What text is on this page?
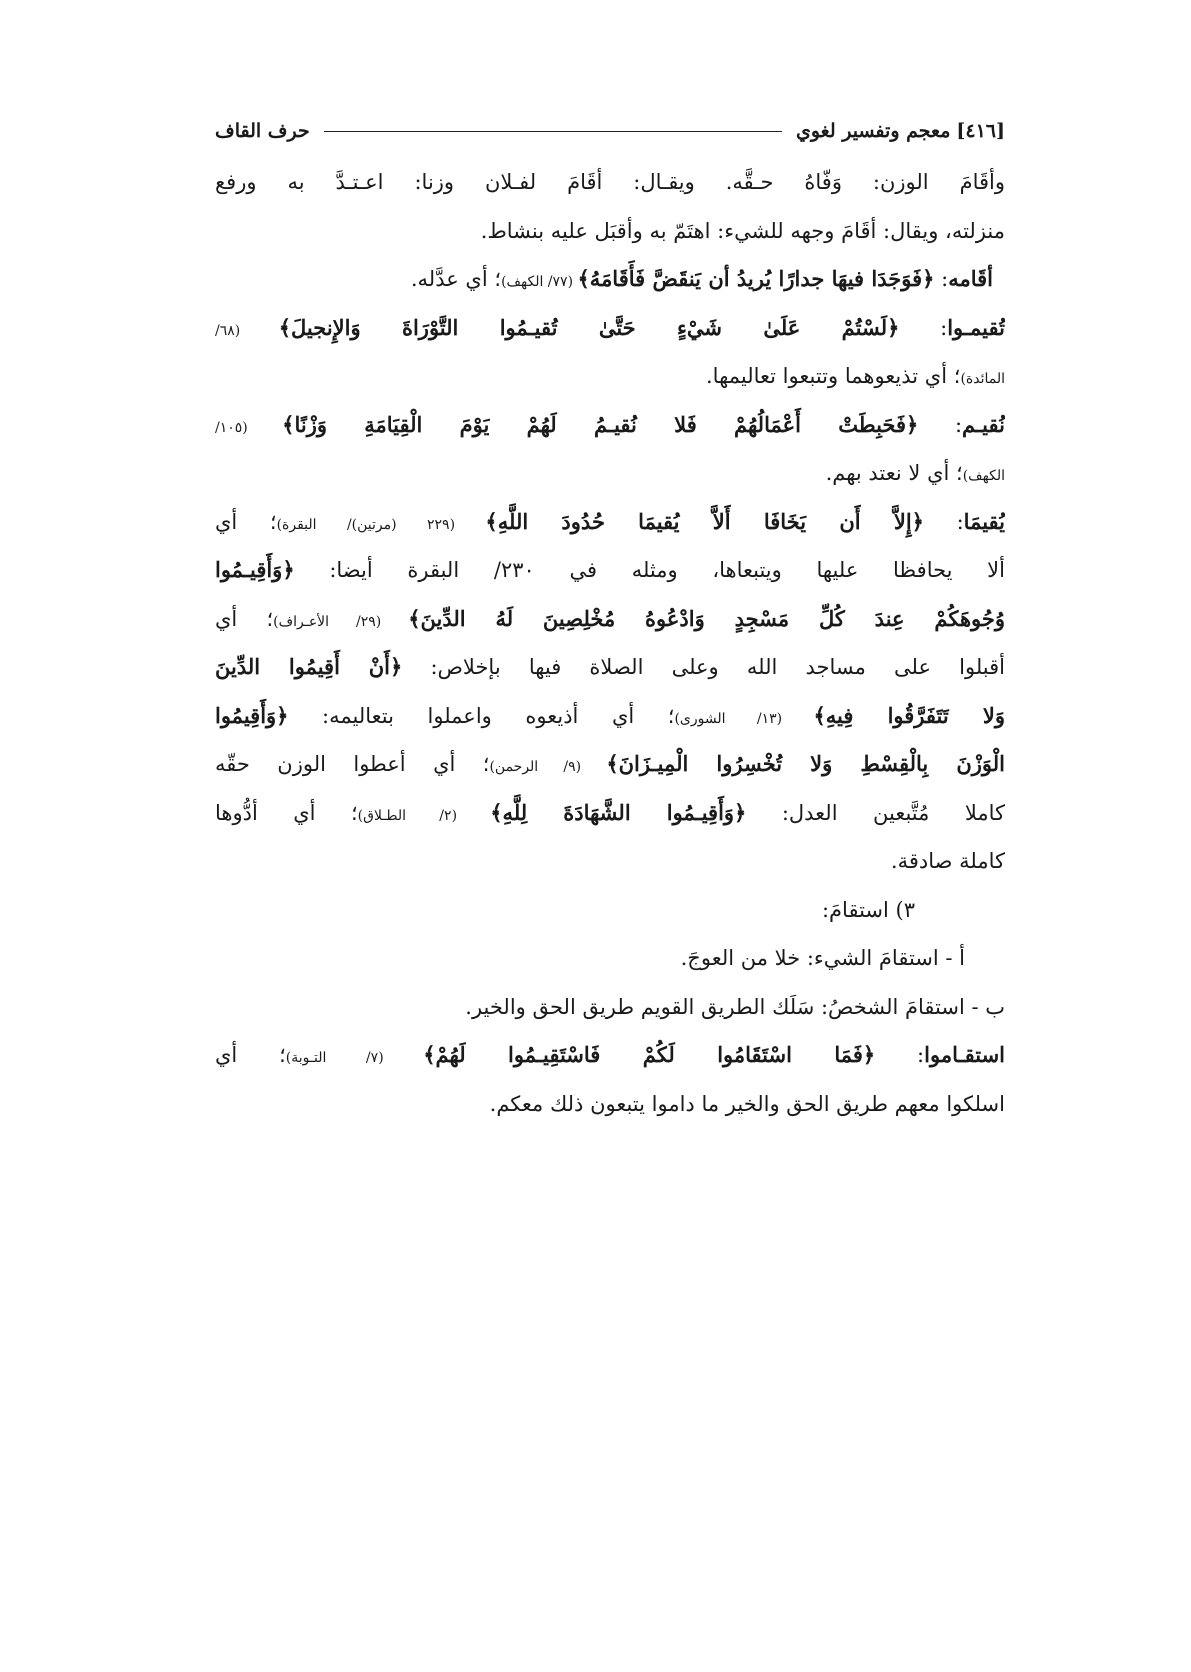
[٤١٦]
معجم وتفسير لغوي
حرف القاف
وأقَامَ الوزن: وَفّاهُ حـقَّه. ويقـال: أقَامَ لفـلان وزنا: اعـتـدَّ به ورفع
منزلته، ويقال: أقَامَ وجهه للشيء: اهتَمّ به وأقبَل عليه بنشاط.
أقَامه: ﴿فَوَجَدَا فيهَا جدارًا يُريدُ أن يَنقَضَّ فَأَقَامَهُ﴾ (٧٧/ الكهف)؛ أي عدَّله.
تُقيمـوا: ﴿لَسْتُمْ عَلَىٰ شَيْءٍ حَتَّىٰ تُقيـمُوا التَّوْرَاةَ وَالإِنجيلَ﴾ (٦٨/
المائدة)؛ أي تذيعوهما وتتبعوا تعاليمها.
نُقيـم: ﴿فَحَبِطَتْ أَعْمَالُهُمْ فَلا نُقيـمُ لَهُمْ يَوْمَ الْقِيَامَةِ وَزْنًا﴾ (١٠٥/
الكهف)؛ أي لا نعتد بهم.
يُقيمَا: ﴿إِلاَّ أَن يَخَافَا أَلاَّ يُقيمَا حُدُودَ اللَّهِ﴾ (٢٢٩ (مرتين)/ البقرة)؛ أي
ألا يحافظا عليها ويتبعاها، ومثله في ٢٣٠/ البقرة أيضا: ﴿وَأَقِيـمُوا
وُجُوهَكُمْ عِندَ كُلِّ مَسْجِدٍ وَادْعُوهُ مُخْلِصِينَ لَهُ الدِّينَ﴾ (٢٩/ الأعـراف)؛ أي
أقبلوا على مساجد الله وعلى الصلاة فيها بإخلاص: ﴿أَنْ أَقِيمُوا الدِّينَ
وَلا تَتَفَرَّقُوا فِيهِ﴾ (١٣/ الشورى)؛ أي أذيعوه واعملوا بتعاليمه: ﴿وَأَقِيمُوا
الْوَزْنَ بِالْقِسْطِ وَلا تُخْسِرُوا الْمِيـزَانَ﴾ (٩/ الرحمن)؛ أي أعطوا الوزن حقّه
كاملا مُتَّبعين العدل: ﴿وَأَقِيـمُوا الشَّهَادَةَ لِلَّهِ﴾ (٢/ الطـلاق)؛ أي أدُّوها
كاملة صادقة.
٣) استقامَ:
أ - استقامَ الشيء: خلا من العوجَ.
ب - استقامَ الشخصُ: سَلَك الطريق القويم طريق الحق والخير.
استقـاموا: ﴿فَمَا اسْتَقَامُوا لَكُمْ فَاسْتَقِيـمُوا لَهُمْ﴾ (٧/ التـوبة)؛ أي
اسلكوا معهم طريق الحق والخير ما داموا يتبعون ذلك معكم.
